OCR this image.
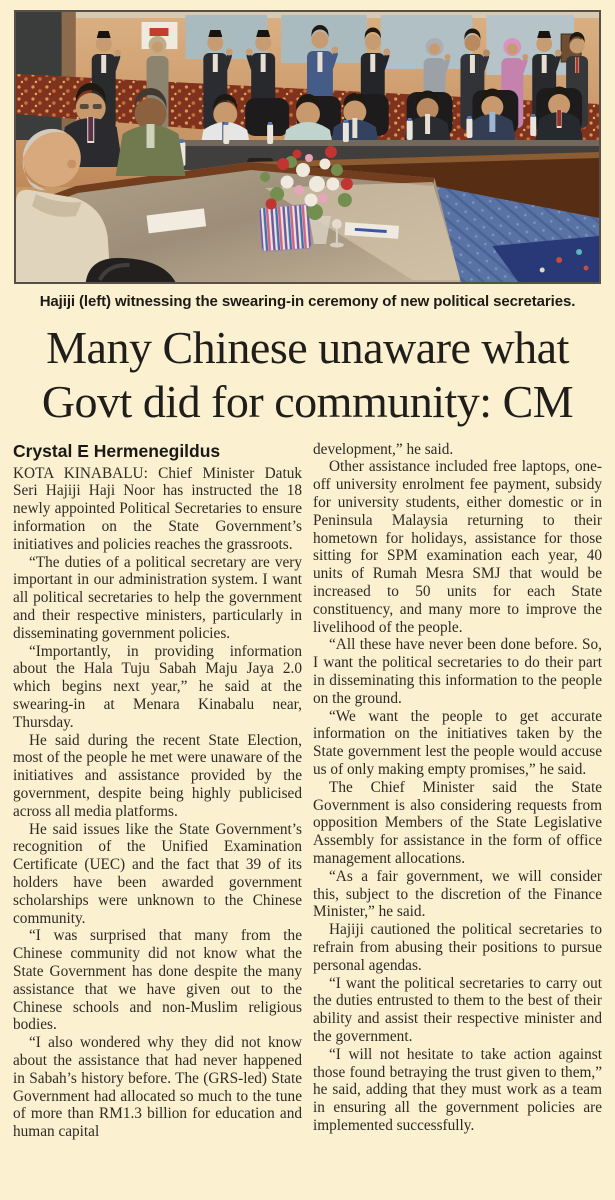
Hajiji (left) witnessing the swearing-in ceremony of new political secretaries.

Many Chinese unaware what
Govt did for community: CM

Crystal E Hermenegildus

KOTA KINABALU: Chief Minister Datuk Seri Hajiji Haji Noor has instructed the 18 newly appointed Political Secretaries to ensure information on the State Government’s initiatives and policies reaches the grassroots.

“The duties of a political secretary are very important in our administration system. I want all political secretaries to help the government and their respective ministers, particularly in disseminating government policies.

“Importantly, in providing information about the Hala Tuju Sabah Maju Jaya 2.0 which begins next year,” he said at the swearing-in at Menara Kinabalu near, Thursday.

He said during the recent State Election, most of the people he met were unaware of the initiatives and assistance provided by the government, despite being highly publicised across all media platforms.

He said issues like the State Government’s recognition of the Unified Examination Certificate (UEC) and the fact that 39 of its holders have been awarded government scholarships were unknown to the Chinese community.

“I was surprised that many from the Chinese community did not know what the State Government has done despite the many assistance that we have given out to the Chinese schools and non-Muslim religious bodies.

“I also wondered why they did not know about the assistance that had never happened in Sabah’s history before. The (GRS-led) State Government had allocated so much to the tune of more than RM1.3 billion for education and human capital

development,” he said.

Other assistance included free laptops, one-off university enrolment fee payment, subsidy for university students, either domestic or in Peninsula Malaysia returning to their hometown for holidays, assistance for those sitting for SPM examination each year, 40 units of Rumah Mesra SMJ that would be increased to 50 units for each State constituency, and many more to improve the livelihood of the people.

“All these have never been done before. So, I want the political secretaries to do their part in disseminating this information to the people on the ground.

“We want the people to get accurate information on the initiatives taken by the State government lest the people would accuse us of only making empty promises,” he said.

The Chief Minister said the State Government is also considering requests from opposition Members of the State Legislative Assembly for assistance in the form of office management allocations.

“As a fair government, we will consider this, subject to the discretion of the Finance Minister,” he said.

Hajiji cautioned the political secretaries to refrain from abusing their positions to pursue personal agendas.

“I want the political secretaries to carry out the duties entrusted to them to the best of their ability and assist their respective minister and the government.

“I will not hesitate to take action against those found betraying the trust given to them,” he said, adding that they must work as a team in ensuring all the government policies are implemented successfully.
